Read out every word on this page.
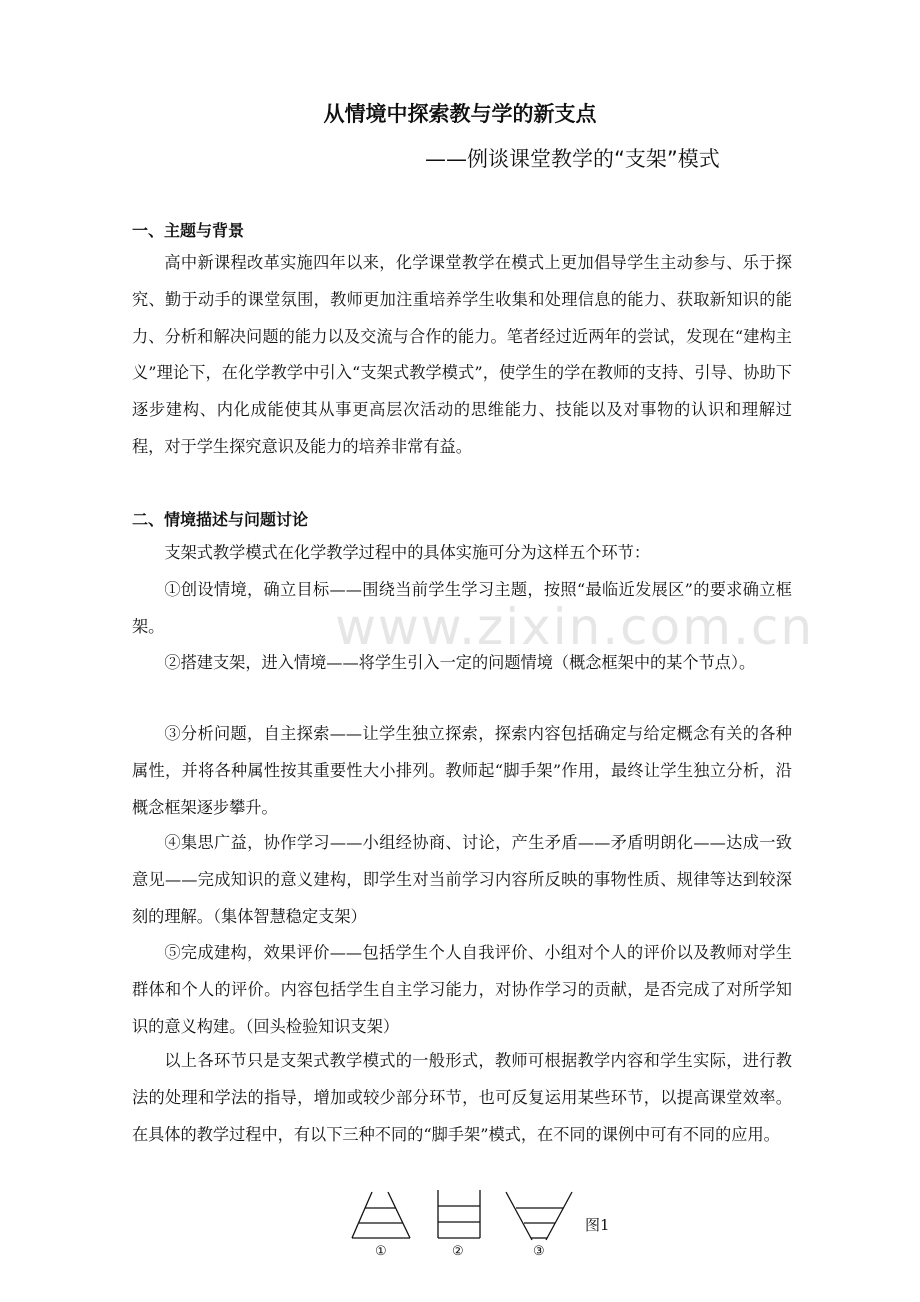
www.zixin.com.cn
从情境中探索教与学的新支点
——例谈课堂教学的“支架”模式
一、主题与背景
高中新课程改革实施四年以来，化学课堂教学在模式上更加倡导学生主动参与、乐于探究、勤于动手的课堂氛围，教师更加注重培养学生收集和处理信息的能力、获取新知识的能力、分析和解决问题的能力以及交流与合作的能力。笔者经过近两年的尝试，发现在“建构主义”理论下，在化学教学中引入“支架式教学模式”，使学生的学在教师的支持、引导、协助下逐步建构、内化成能使其从事更高层次活动的思维能力、技能以及对事物的认识和理解过程，对于学生探究意识及能力的培养非常有益。
二、情境描述与问题讨论
支架式教学模式在化学教学过程中的具体实施可分为这样五个环节：
①创设情境，确立目标——围绕当前学生学习主题，按照“最临近发展区”的要求确立框架。
②搭建支架，进入情境——将学生引入一定的问题情境（概念框架中的某个节点）。
③分析问题，自主探索——让学生独立探索，探索内容包括确定与给定概念有关的各种属性，并将各种属性按其重要性大小排列。教师起“脚手架”作用，最终让学生独立分析，沿概念框架逐步攀升。
④集思广益，协作学习——小组经协商、讨论，产生矛盾——矛盾明朗化——达成一致意见——完成知识的意义建构，即学生对当前学习内容所反映的事物性质、规律等达到较深刻的理解。（集体智慧稳定支架）
⑤完成建构，效果评价——包括学生个人自我评价、小组对个人的评价以及教师对学生群体和个人的评价。内容包括学生自主学习能力，对协作学习的贡献，是否完成了对所学知识的意义构建。（回头检验知识支架）
以上各环节只是支架式教学模式的一般形式，教师可根据教学内容和学生实际，进行教法的处理和学法的指导，增加或较少部分环节，也可反复运用某些环节，以提高课堂效率。在具体的教学过程中，有以下三种不同的“脚手架”模式，在不同的课例中可有不同的应用。
①	②	③
图1
